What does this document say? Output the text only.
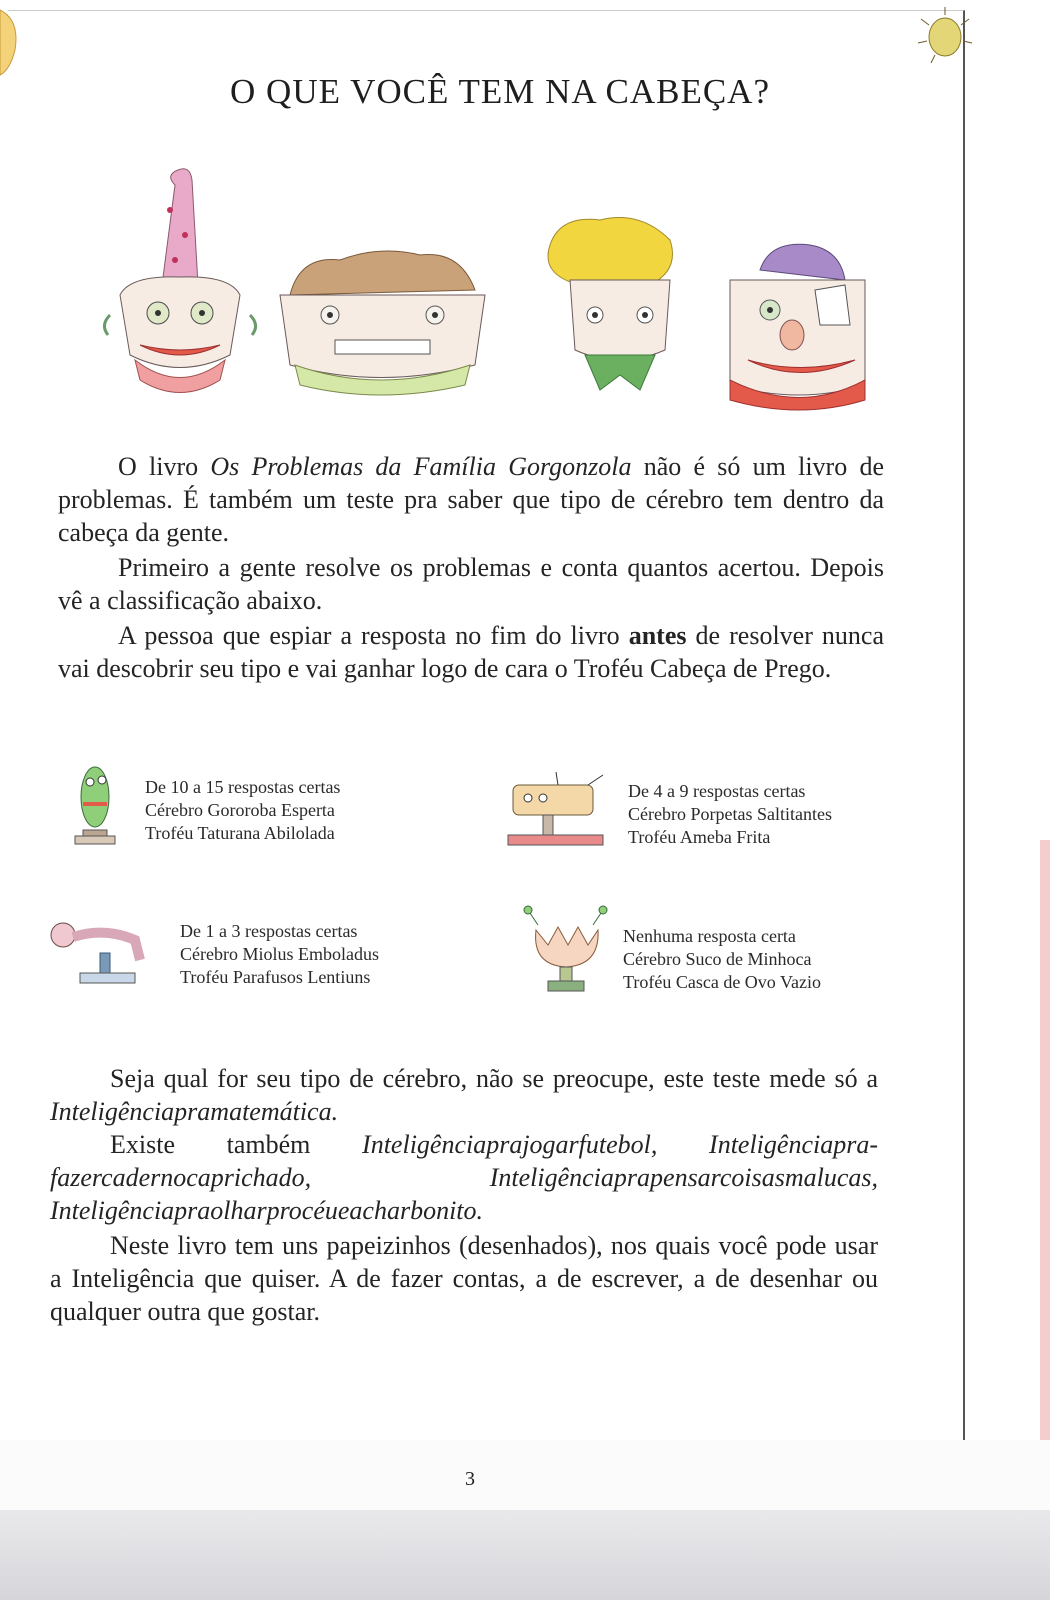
O QUE VOCÊ TEM NA CABEÇA?

O livro Os Problemas da Família Gorgonzola não é só um livro de problemas. É também um teste pra saber que tipo de cérebro tem dentro da cabeça da gente.

Primeiro a gente resolve os problemas e conta quantos acertou. Depois vê a classificação abaixo.

A pessoa que espiar a resposta no fim do livro antes de resolver nunca vai descobrir seu tipo e vai ganhar logo de cara o Troféu Cabeça de Prego.

De 10 a 15 respostas certas
Cérebro Gororoba Esperta
Troféu Taturana Abilolada
De 4 a 9 respostas certas
Cérebro Porpetas Saltitantes
Troféu Ameba Frita
De 1 a 3 respostas certas
Cérebro Miolus Emboladus
Troféu Parafusos Lentiuns
Nenhuma resposta certa
Cérebro Suco de Minhoca
Troféu Casca de Ovo Vazio

Seja qual for seu tipo de cérebro, não se preocupe, este teste mede só a Inteligênciapramatemática.

Existe também Inteligênciaprajogarfutebol, Inteligênciapra-fazercadernocaprichado, Inteligênciaprapensarcoisasmalucas, Inteligênciapraolharprocéueacharbonito.

Neste livro tem uns papeizinhos (desenhados), nos quais você pode usar a Inteligência que quiser. A de fazer contas, a de escrever, a de desenhar ou qualquer outra que gostar.

3
